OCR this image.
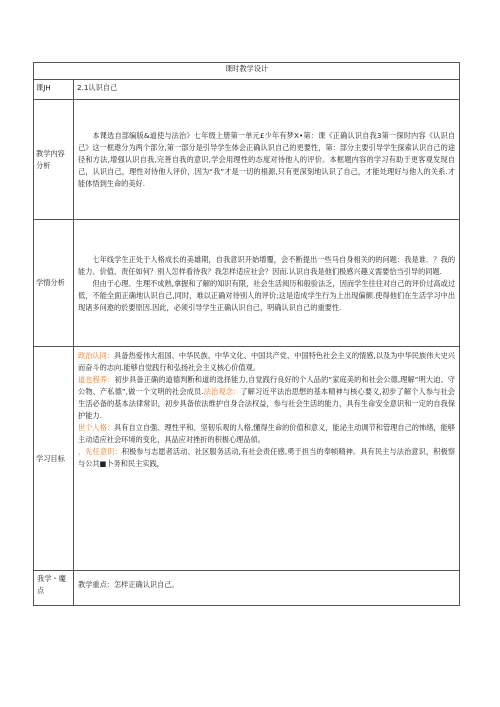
课时教学设计	
课JH	2.1认识自己
教学内容分析	本课选自部编版&道使与法治》七年级上册第一单元£少年有梦X•第：课《正确认识自我3第一探时内容《认识自己》这一框遨分为两个部分,第一部分是引导学生体会正确认识自己的更要性，第：部分主要引导学生探索认识自己的途径和方法,增强认识自我,完善自我的意识,学会用理性的态度对待他人的评价。本框题内容的学习有助于更客观发现自己，认识自己，理性对待他人评价，因为“我”才是一切的根源,只有更深刻地认识了自己，才能处理好与他人的关系.才能体悟到生命的美好.

学情分析	七年线学生正处于人格成长的美雄期，自我意识开始增覆，会不断提出一些马自身相关的的问题：我是谁．？我的能力、价值、责任如何？别人怎样看待我？我怎样适应社会？因而.认识自我是他们极感兴趣义需要恰当引导的同题.

但由于心理、生理不成熟,拿握和了解的知识有限，社会生活阅历和般验法乏，因而学生往往对自己的评价过高或过低，不能全面正确地认识自己,同时，难以正确对待别人的评价;这是造成学生行为上出现偏颇.使得他们在生活学习中出现诸多问遨的於要原因.因此，必须引导学生正确认识自己，明确认识自己的重要性.

学习目标	政治认同：具备热爱伟大祖国、中华民族、中华文化、中国共产党、中国特色社会主义的情感,以及为中华民族伟大史兴而奋斗的志向.能够自觉践行和弘扬社会主义核心价值观。

道也程养：初步具备正确的道德判断和道的选择能力,自觉践行良好的个人品的“家庭美的和社会公德,理解“明大迫、守公物、产私德”,做一个文明的社会成员.法治观念：了解习近平法治思想的基本精神与核心要义,初步了解个人参与社会生活必备的基本法律常识，初步具备依法维护自身合法权益，参与社会生活的能力，具有生命安全意识和一定的自我保护能力.

世个人格：具有自立自强、理性平和、坚韧乐观的人格,懂得生命的价值和意义，能泌主动调节和管理自己的怖绪，能够主动适应社会环境的变化，具品应对挫折的积极心理品侦。

，先任意识：积极参与志愿者活动、社区服务活动,有社会责任感,勇于担当的奉帧精神。具有民主与法治意识，积极察与公共■卜务和民主实践，

我学・魔点	教学重点：怎样正确认识自己。
